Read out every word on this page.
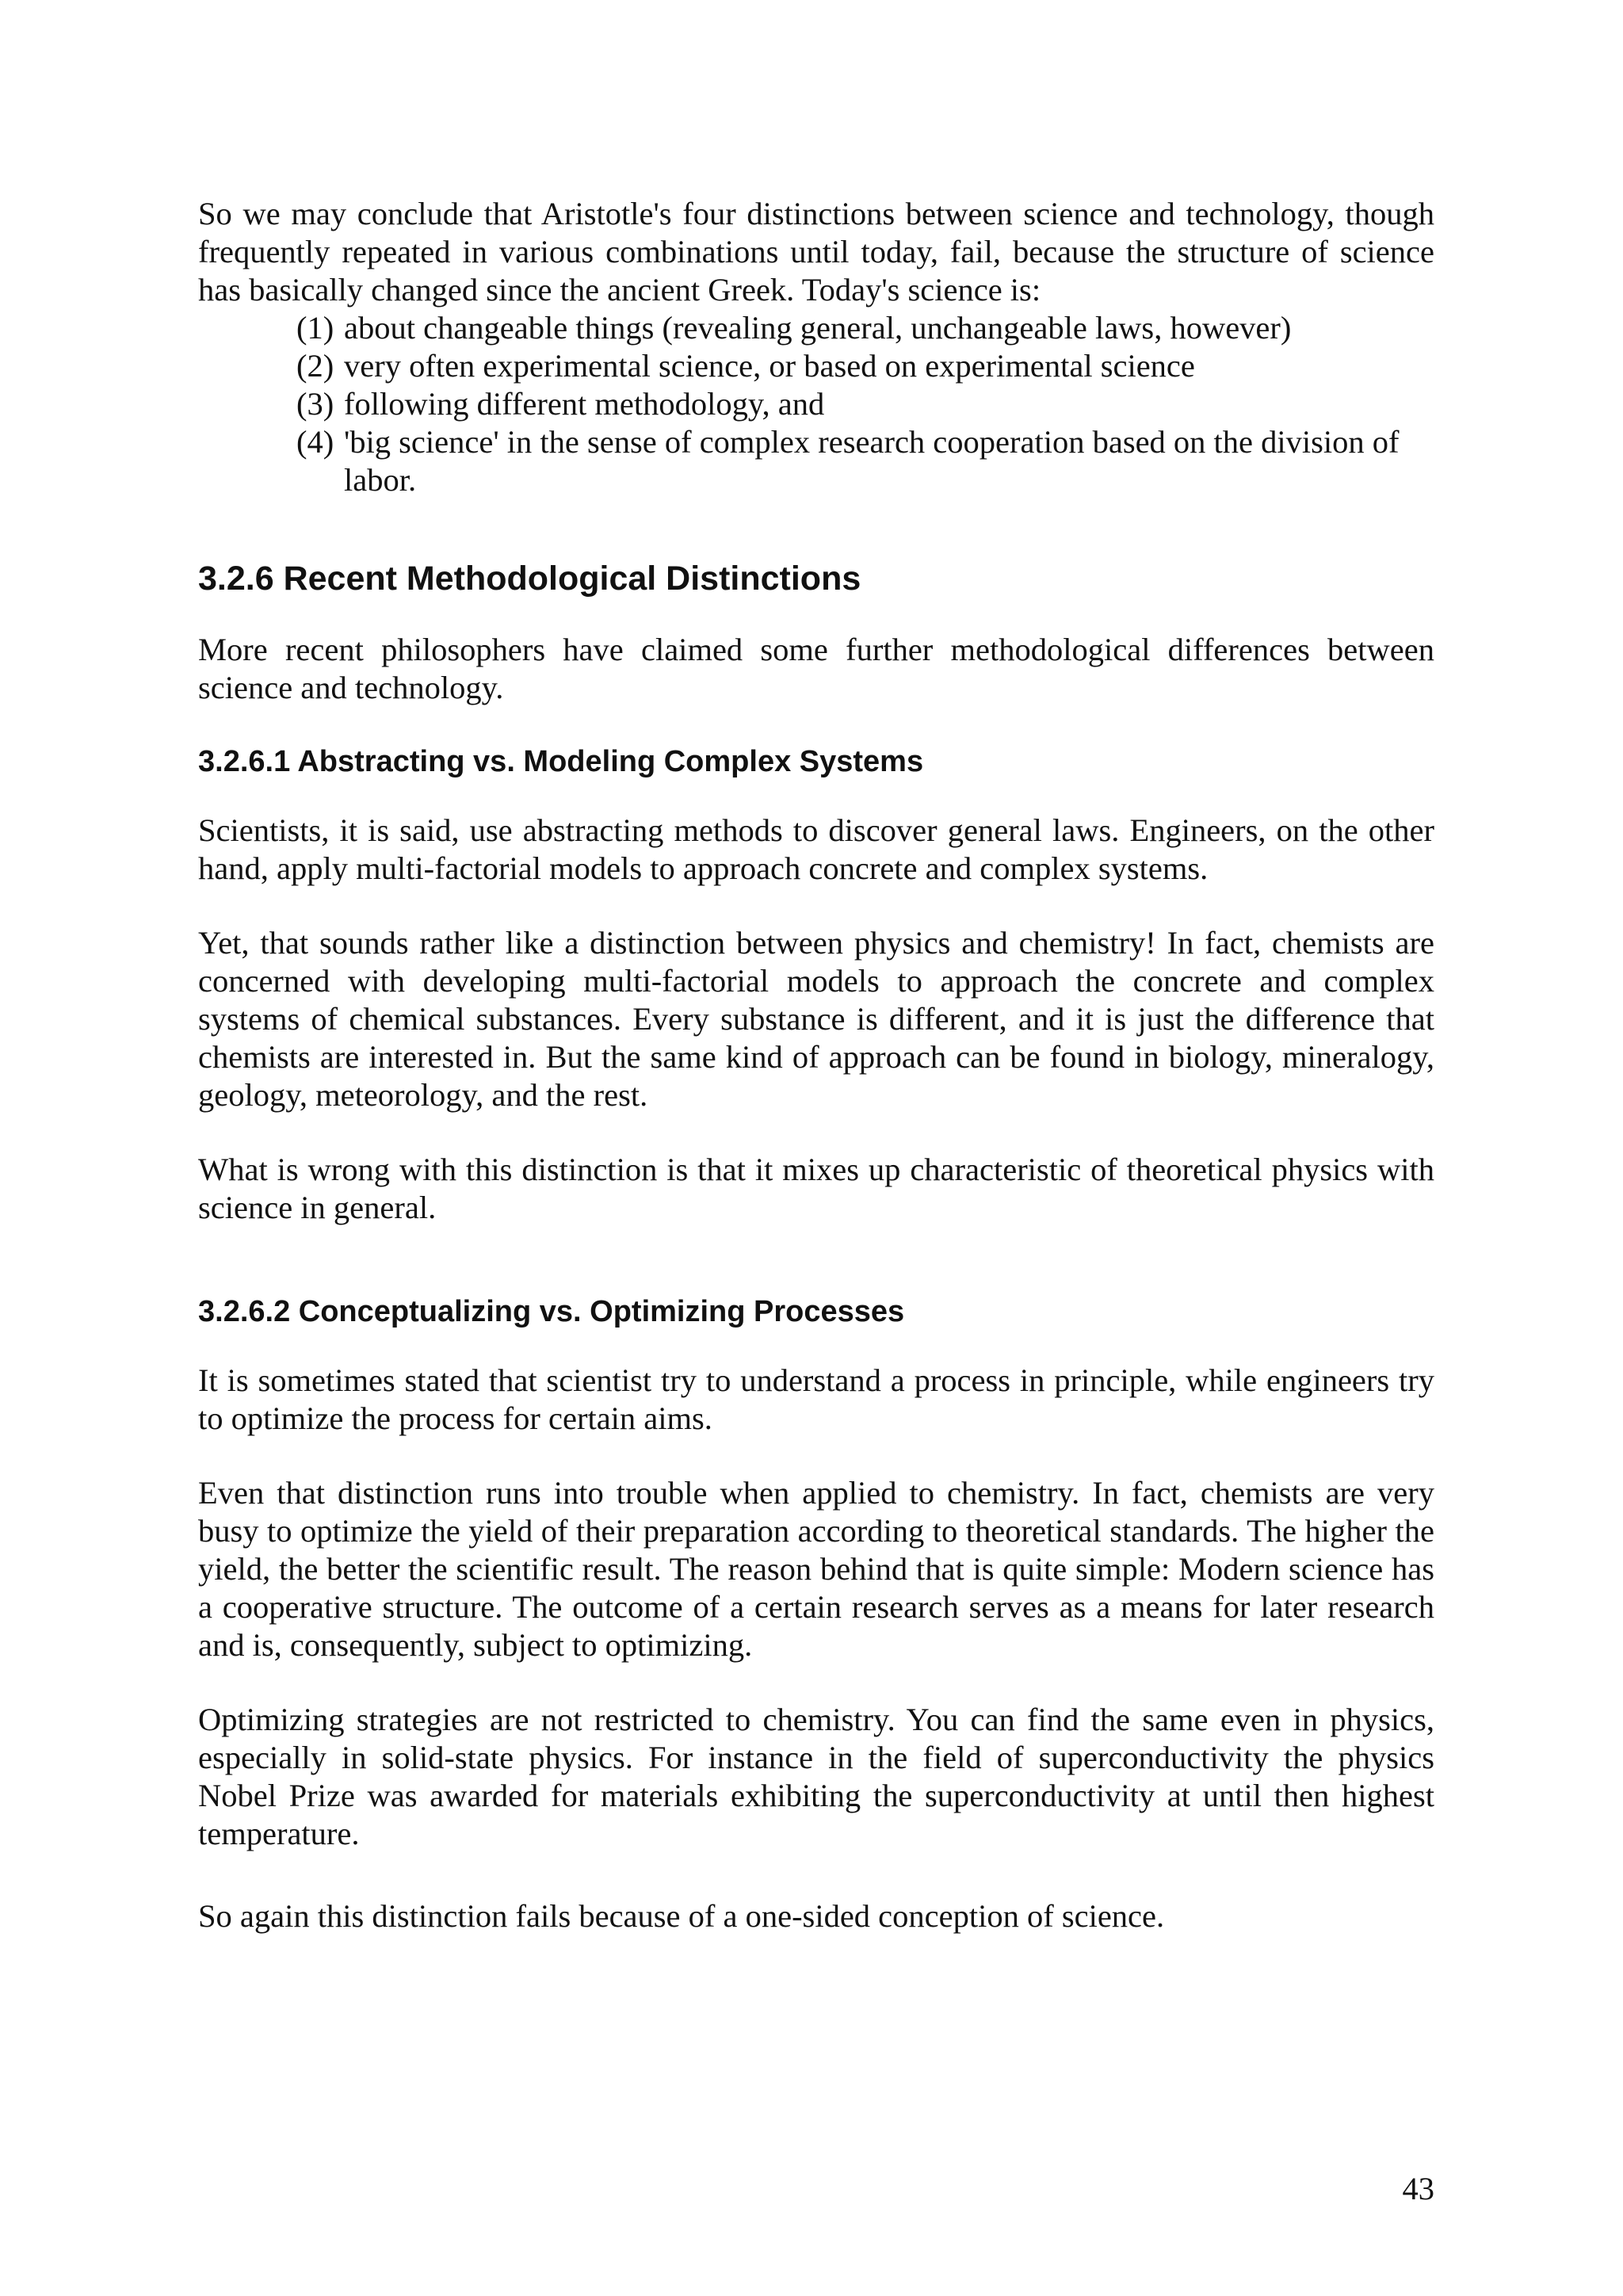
So we may conclude that Aristotle's four distinctions between science and technology, though frequently repeated in various combinations until today, fail, because the structure of science has basically changed since the ancient Greek. Today's science is:

(1) about changeable things (revealing general, unchangeable laws, however)
(2) very often experimental science, or based on experimental science
(3) following different methodology, and
(4) 'big science' in the sense of complex research cooperation based on the division of labor.
3.2.6 Recent Methodological Distinctions

More recent philosophers have claimed some further methodological differences between science and technology.

3.2.6.1 Abstracting vs. Modeling Complex Systems

Scientists, it is said, use abstracting methods to discover general laws. Engineers, on the other hand, apply multi-factorial models to approach concrete and complex systems.

Yet, that sounds rather like a distinction between physics and chemistry! In fact, chemists are concerned with developing multi-factorial models to approach the concrete and complex systems of chemical substances. Every substance is different, and it is just the difference that chemists are interested in. But the same kind of approach can be found in biology, mineralogy, geology, meteorology, and the rest.

What is wrong with this distinction is that it mixes up characteristic of theoretical physics with science in general.

3.2.6.2 Conceptualizing vs. Optimizing Processes

It is sometimes stated that scientist try to understand a process in principle, while engineers try to optimize the process for certain aims.

Even that distinction runs into trouble when applied to chemistry. In fact, chemists are very busy to optimize the yield of their preparation according to theoretical standards. The higher the yield, the better the scientific result. The reason behind that is quite simple: Modern science has a cooperative structure. The outcome of a certain research serves as a means for later research and is, consequently, subject to optimizing.

Optimizing strategies are not restricted to chemistry. You can find the same even in physics, especially in solid-state physics. For instance in the field of superconductivity the physics Nobel Prize was awarded for materials exhibiting the superconductivity at until then highest temperature.

So again this distinction fails because of a one-sided conception of science.

43
